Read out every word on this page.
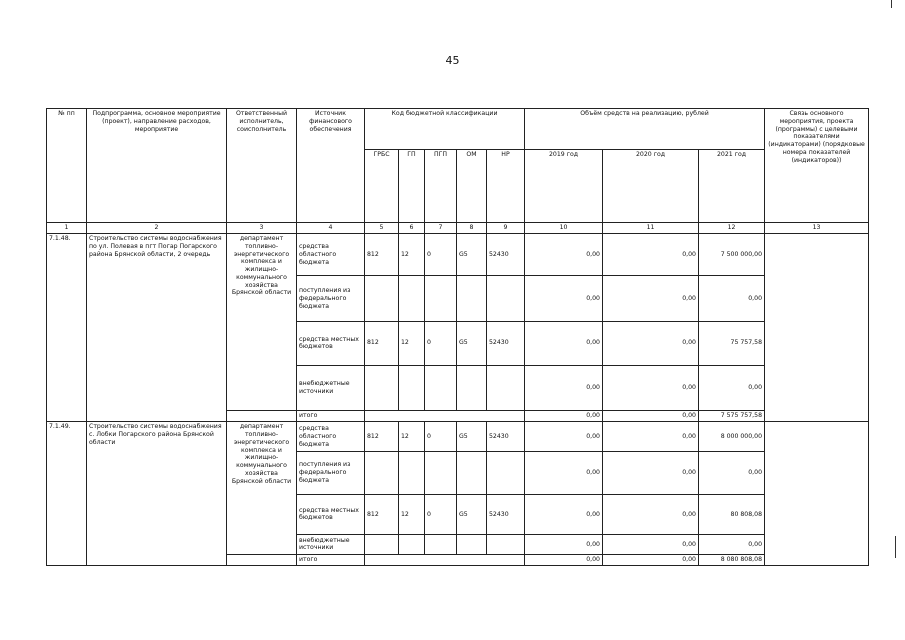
45
№ пп	Подпрограмма, основное мероприятие (проект), направление расходов, мероприятие	Ответственный исполнитель, соисполнитель	Источник финансового обеспечения	Код бюджетной классификации					Объём средств на реализацию, рублей			Связь основного мероприятия, проекта (программы) с целевыми показателями (индикаторами) (порядковые номера показателей (индикаторов))
				ГРБС	ГП	ПГП	ОМ	НР	2019 год	2020 год	2021 год	
1	2	3	4	5	6	7	8	9	10	11	12	13
7.1.48.	Строительство системы водоснабжения по ул. Полевая в пгт Погар Погарского района Брянской области, 2 очередь	департамент топливно-энергетического комплекса и жилищно-коммунального хозяйства Брянской области	средства областного бюджета	812	12	0	G5	52430	0,00	0,00	7 500 000,00	
			поступления из федерального бюджета						0,00	0,00	0,00	
			средства местных бюджетов	812	12	0	G5	52430	0,00	0,00	75 757,58	
			внебюджетные источники						0,00	0,00	0,00	
			итого						0,00	0,00	7 575 757,58	
7.1.49.	Строительство системы водоснабжения с. Лобки Погарского района Брянской области	департамент топливно-энергетического комплекса и жилищно-коммунального хозяйства Брянской области	средства областного бюджета	812	12	0	G5	52430	0,00	0,00	8 000 000,00	
			поступления из федерального бюджета						0,00	0,00	0,00	
			средства местных бюджетов	812	12	0	G5	52430	0,00	0,00	80 808,08	
			внебюджетные источники						0,00	0,00	0,00	
			итого						0,00	0,00	8 080 808,08	
